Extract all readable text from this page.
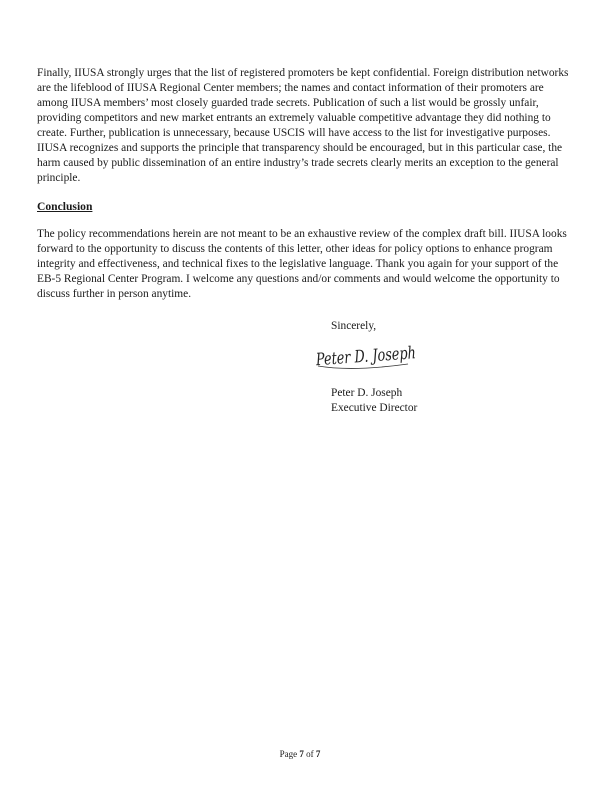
Finally, IIUSA strongly urges that the list of registered promoters be kept confidential. Foreign distribution networks are the lifeblood of IIUSA Regional Center members; the names and contact information of their promoters are among IIUSA members’ most closely guarded trade secrets. Publication of such a list would be grossly unfair, providing competitors and new market entrants an extremely valuable competitive advantage they did nothing to create. Further, publication is unnecessary, because USCIS will have access to the list for investigative purposes. IIUSA recognizes and supports the principle that transparency should be encouraged, but in this particular case, the harm caused by public dissemination of an entire industry’s trade secrets clearly merits an exception to the general principle.

Conclusion

The policy recommendations herein are not meant to be an exhaustive review of the complex draft bill. IIUSA looks forward to the opportunity to discuss the contents of this letter, other ideas for policy options to enhance program integrity and effectiveness, and technical fixes to the legislative language. Thank you again for your support of the EB-5 Regional Center Program. I welcome any questions and/or comments and would welcome the opportunity to discuss further in person anytime.

Sincerely,

Peter D. Joseph
Peter D. Joseph
Executive Director
Page 7 of 7
